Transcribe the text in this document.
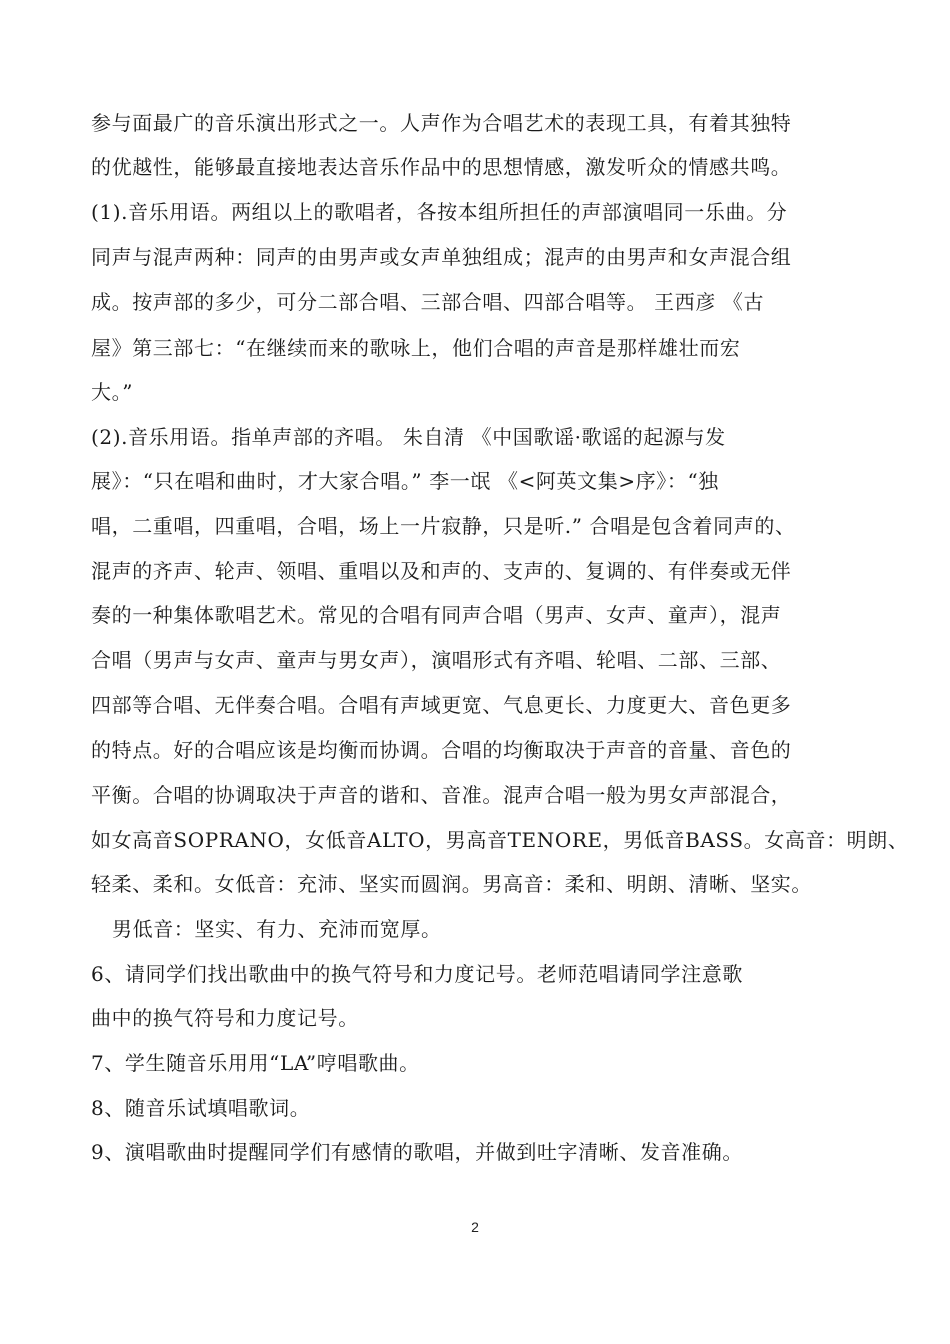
参与面最广的音乐演出形式之一。人声作为合唱艺术的表现工具，有着其独特
的优越性，能够最直接地表达音乐作品中的思想情感，激发听众的情感共鸣。
(1).音乐用语。两组以上的歌唱者，各按本组所担任的声部演唱同一乐曲。分
同声与混声两种：同声的由男声或女声单独组成；混声的由男声和女声混合组
成。按声部的多少，可分二部合唱、三部合唱、四部合唱等。 王西彦 《古
屋》第三部七：“在继续而来的歌咏上，他们合唱的声音是那样雄壮而宏
大。”
(2).音乐用语。指单声部的齐唱。 朱自清 《中国歌谣·歌谣的起源与发
展》：“只在唱和曲时，才大家合唱。” 李一氓 《<阿英文集>序》：“独
唱，二重唱，四重唱，合唱，场上一片寂静，只是听.” 合唱是包含着同声的、
混声的齐声、轮声、领唱、重唱以及和声的、支声的、复调的、有伴奏或无伴
奏的一种集体歌唱艺术。常见的合唱有同声合唱（男声、女声、童声），混声
合唱（男声与女声、童声与男女声），演唱形式有齐唱、轮唱、二部、三部、
四部等合唱、无伴奏合唱。合唱有声域更宽、气息更长、力度更大、音色更多
的特点。好的合唱应该是均衡而协调。合唱的均衡取决于声音的音量、音色的
平衡。合唱的协调取决于声音的谐和、音准。混声合唱一般为男女声部混合，
如女高音SOPRANO，女低音ALTO，男高音TENORE，男低音BASS。女高音：明朗、
轻柔、柔和。女低音：充沛、坚实而圆润。男高音：柔和、明朗、清晰、坚实。
男低音：坚实、有力、充沛而宽厚。
6、请同学们找出歌曲中的换气符号和力度记号。老师范唱请同学注意歌
曲中的换气符号和力度记号。
7、学生随音乐用用“LA”哼唱歌曲。
8、随音乐试填唱歌词。
9、演唱歌曲时提醒同学们有感情的歌唱，并做到吐字清晰、发音准确。
2
